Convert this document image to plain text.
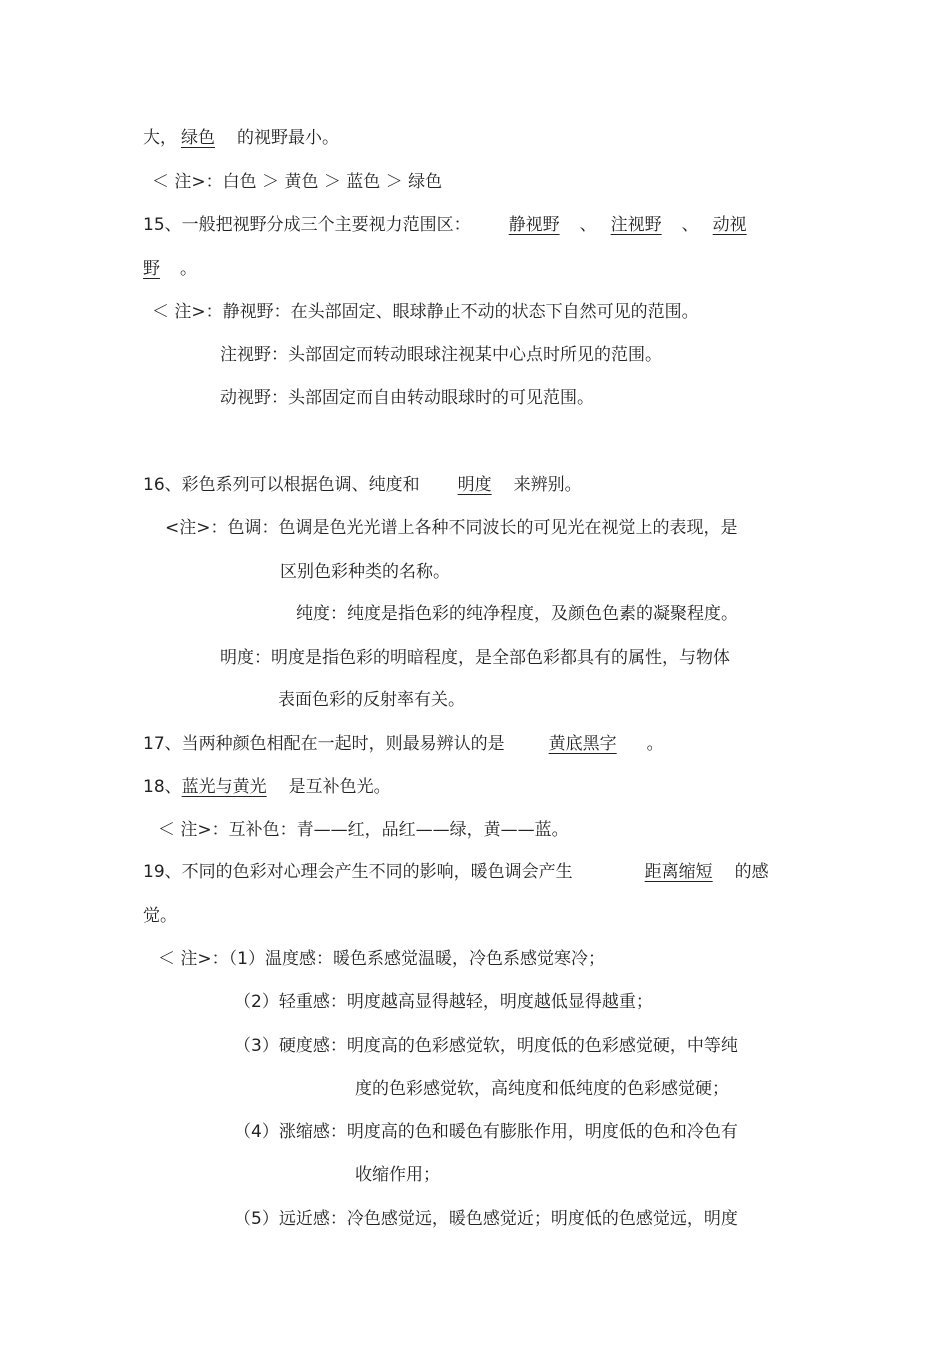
大， 绿色 的视野最小。
＜ 注>：白色 ＞ 黄色 ＞ 蓝色 ＞ 绿色
15、一般把视野分成三个主要视力范围区： 静视野 、 注视野 、 动视
野 。
＜ 注>：静视野：在头部固定、眼球静止不动的状态下自然可见的范围。
注视野：头部固定而转动眼球注视某中心点时所见的范围。
动视野：头部固定而自由转动眼球时的可见范围。
16、彩色系列可以根据色调、纯度和 明度 来辨别。
<注>：色调：色调是色光光谱上各种不同波长的可见光在视觉上的表现，是
区别色彩种类的名称。
纯度：纯度是指色彩的纯净程度，及颜色色素的凝聚程度。
明度：明度是指色彩的明暗程度，是全部色彩都具有的属性，与物体
表面色彩的反射率有关。
17、当两种颜色相配在一起时，则最易辨认的是	黄底黑字 。
18、蓝光与黄光 是互补色光。
＜ 注>：互补色：青——红，品红——绿，黄——蓝。
19、不同的色彩对心理会产生不同的影响，暖色调会产生	距离缩短 的感
觉。
＜ 注>：（1）温度感：暖色系感觉温暖，冷色系感觉寒冷；
（2）轻重感：明度越高显得越轻，明度越低显得越重；
（3）硬度感：明度高的色彩感觉软，明度低的色彩感觉硬，中等纯
度的色彩感觉软，高纯度和低纯度的色彩感觉硬；
（4）涨缩感：明度高的色和暖色有膨胀作用，明度低的色和冷色有
收缩作用；
（5）远近感：冷色感觉远，暖色感觉近；明度低的色感觉远，明度
